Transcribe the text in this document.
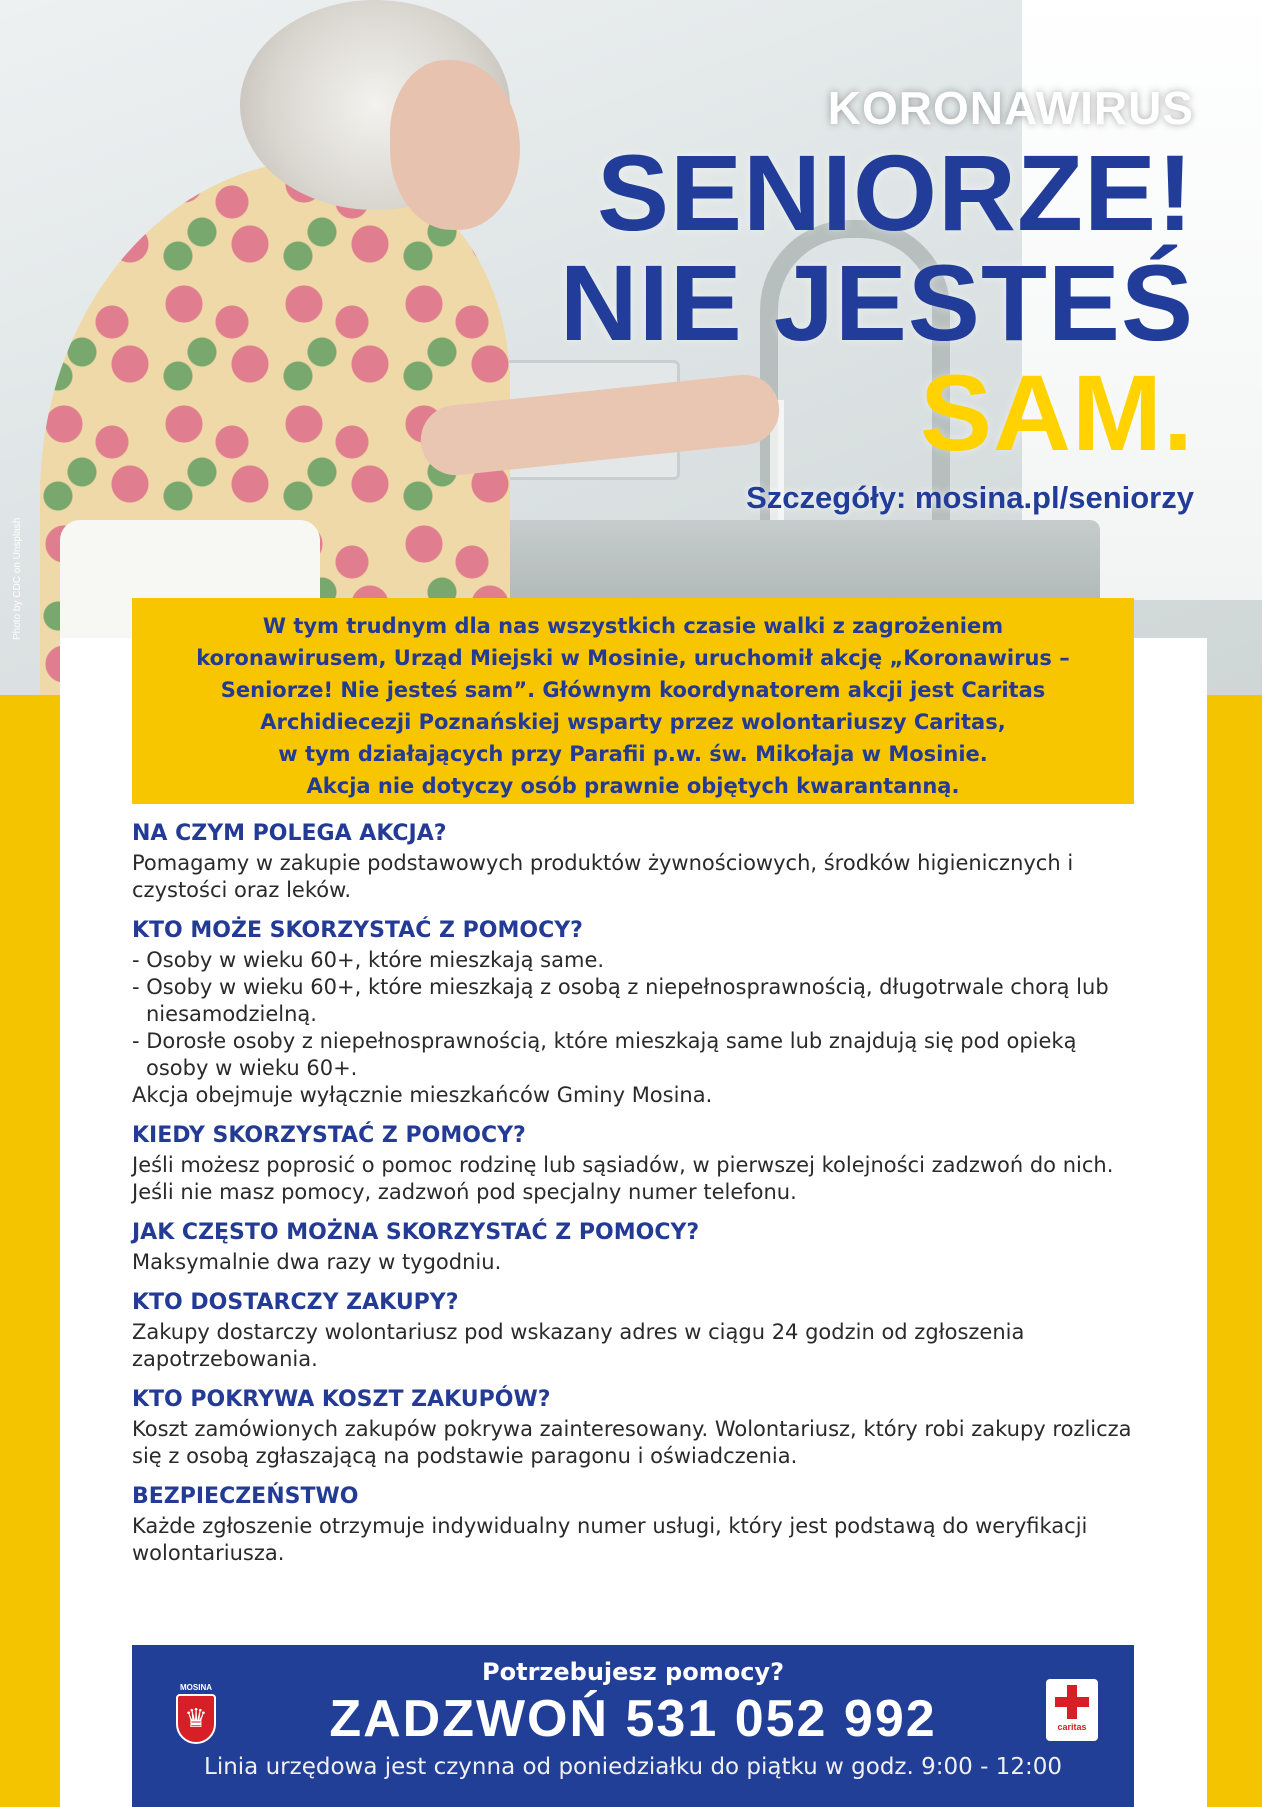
Photo by CDC on Unsplash
KORONAWIRUS
SENIORZE!
NIE JESTEŚ
SAM.
Szczegóły: mosina.pl/seniorzy
W tym trudnym dla nas wszystkich czasie walki z zagrożeniem
koronawirusem, Urząd Miejski w Mosinie, uruchomił akcję „Koronawirus –
Seniorze! Nie jesteś sam”. Głównym koordynatorem akcji jest Caritas
Archidiecezji Poznańskiej wsparty przez wolontariuszy Caritas,
w tym działających przy Parafii p.w. św. Mikołaja w Mosinie.
Akcja nie dotyczy osób prawnie objętych kwarantanną.
NA CZYM POLEGA AKCJA?

Pomagamy w zakupie podstawowych produktów żywnościowych, środków higienicznych i czystości oraz leków.

KTO MOŻE SKORZYSTAĆ Z POMOCY?
- Osoby w wieku 60+, które mieszkają same.
- Osoby w wieku 60+, które mieszkają z osobą z niepełnosprawnością, długotrwale chorą lub niesamodzielną.
- Dorosłe osoby z niepełnosprawnością, które mieszkają same lub znajdują się pod opieką osoby w wieku 60+.

Akcja obejmuje wyłącznie mieszkańców Gminy Mosina.

KIEDY SKORZYSTAĆ Z POMOCY?

Jeśli możesz poprosić o pomoc rodzinę lub sąsiadów, w pierwszej kolejności zadzwoń do nich. Jeśli nie masz pomocy, zadzwoń pod specjalny numer telefonu.

JAK CZĘSTO MOŻNA SKORZYSTAĆ Z POMOCY?

Maksymalnie dwa razy w tygodniu.

KTO DOSTARCZY ZAKUPY?

Zakupy dostarczy wolontariusz pod wskazany adres w ciągu 24 godzin od zgłoszenia zapotrzebowania.

KTO POKRYWA KOSZT ZAKUPÓW?

Koszt zamówionych zakupów pokrywa zainteresowany. Wolontariusz, który robi zakupy rozlicza się z osobą zgłaszającą na podstawie paragonu i oświadczenia.

BEZPIECZEŃSTWO

Każde zgłoszenie otrzymuje indywidualny numer usługi, który jest podstawą do weryfikacji wolontariusza.

MOSINA
♛
Potrzebujesz pomocy?
ZADZWOŃ 531 052 992
Linia urzędowa jest czynna od poniedziałku do piątku w godz. 9:00 - 12:00
caritas
